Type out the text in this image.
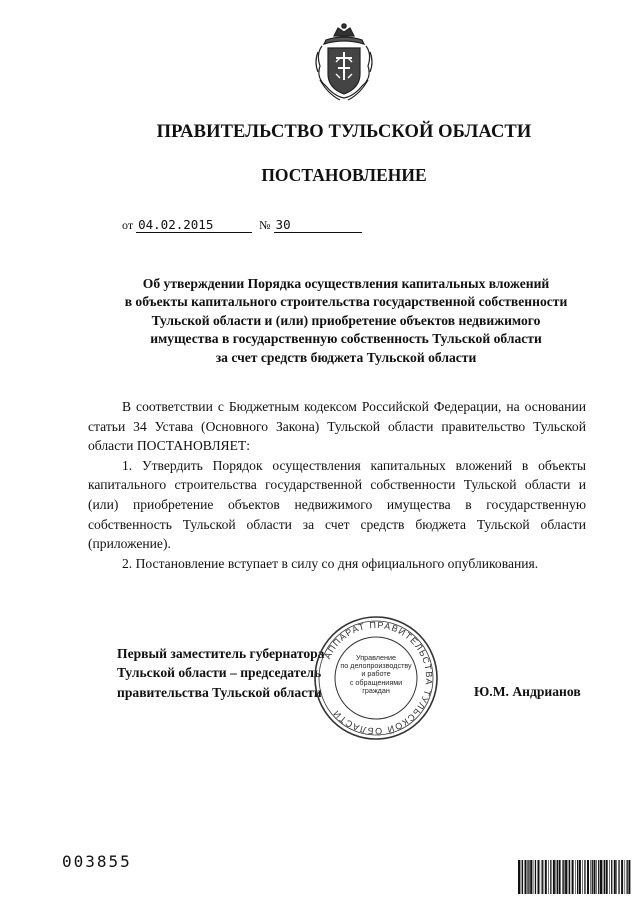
ПРАВИТЕЛЬСТВО ТУЛЬСКОЙ ОБЛАСТИ
ПОСТАНОВЛЕНИЕ
от 04.02.2015	№ 30
Об утверждении Порядка осуществления капитальных вложений
в объекты капитального строительства государственной собственности
Тульской области и (или) приобретение объектов недвижимого
имущества в государственную собственность Тульской области
за счет средств бюджета Тульской области

В соответствии с Бюджетным кодексом Российской Федерации, на основании статьи 34 Устава (Основного Закона) Тульской области правительство Тульской области ПОСТАНОВЛЯЕТ:

1. Утвердить Порядок осуществления капитальных вложений в объекты капитального строительства государственной собственности Тульской области и (или) приобретение объектов недвижимого имущества в государственную собственность Тульской области за счет средств бюджета Тульской области (приложение).

2. Постановление вступает в силу со дня официального опубликования.

Первый заместитель губернатора
Тульской области – председатель
правительства Тульской области
АППАРАТ ПРАВИТЕЛЬСТВА ТУЛЬСКОЙ ОБЛАСТИ
Управление
по делопроизводству
и работе
с обращениями
граждан	Ю.М. Андрианов
003855
